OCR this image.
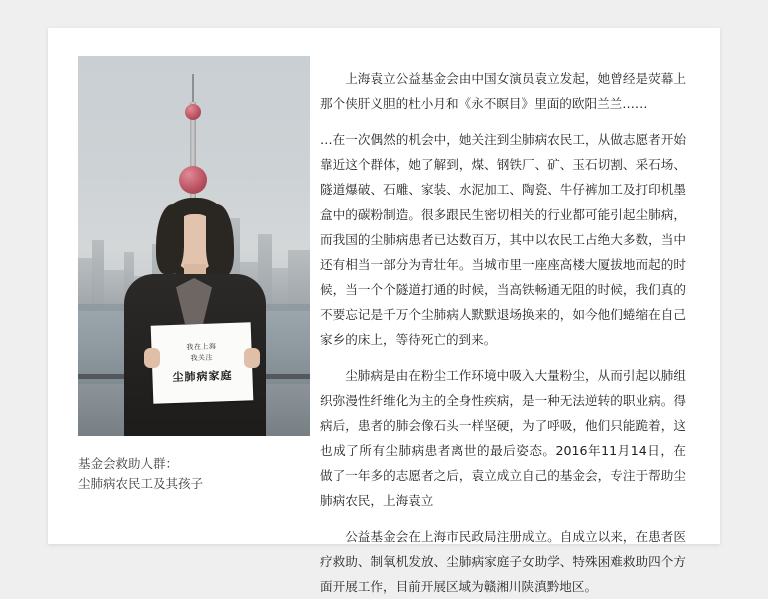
我在上海
我关注
尘肺病家庭
基金会救助人群：
尘肺病农民工及其孩子

上海袁立公益基金会由中国女演员袁立发起，她曾经是荧幕上那个侠肝义胆的杜小月和《永不瞑目》里面的欧阳兰兰……

…在一次偶然的机会中，她关注到尘肺病农民工，从做志愿者开始靠近这个群体，她了解到，煤、钢铁厂、矿、玉石切割、采石场、隧道爆破、石雕、家装、水泥加工、陶瓷、牛仔裤加工及打印机墨盒中的碳粉制造。很多跟民生密切相关的行业都可能引起尘肺病，而我国的尘肺病患者已达数百万，其中以农民工占绝大多数，当中还有相当一部分为青壮年。当城市里一座座高楼大厦拔地而起的时候，当一个个隧道打通的时候，当高铁畅通无阻的时候，我们真的不要忘记是千万个尘肺病人默默退场换来的，如今他们蜷缩在自己家乡的床上，等待死亡的到来。

尘肺病是由在粉尘工作环境中吸入大量粉尘，从而引起以肺组织弥漫性纤维化为主的全身性疾病，是一种无法逆转的职业病。得病后，患者的肺会像石头一样坚硬，为了呼吸，他们只能跪着，这也成了所有尘肺病患者离世的最后姿态。2016年11月14日，在做了一年多的志愿者之后，袁立成立自己的基金会，专注于帮助尘肺病农民，上海袁立

公益基金会在上海市民政局注册成立。自成立以来，在患者医疗救助、制氧机发放、尘肺病家庭子女助学、特殊困难救助四个方面开展工作，目前开展区域为赣湘川陕滇黔地区。
